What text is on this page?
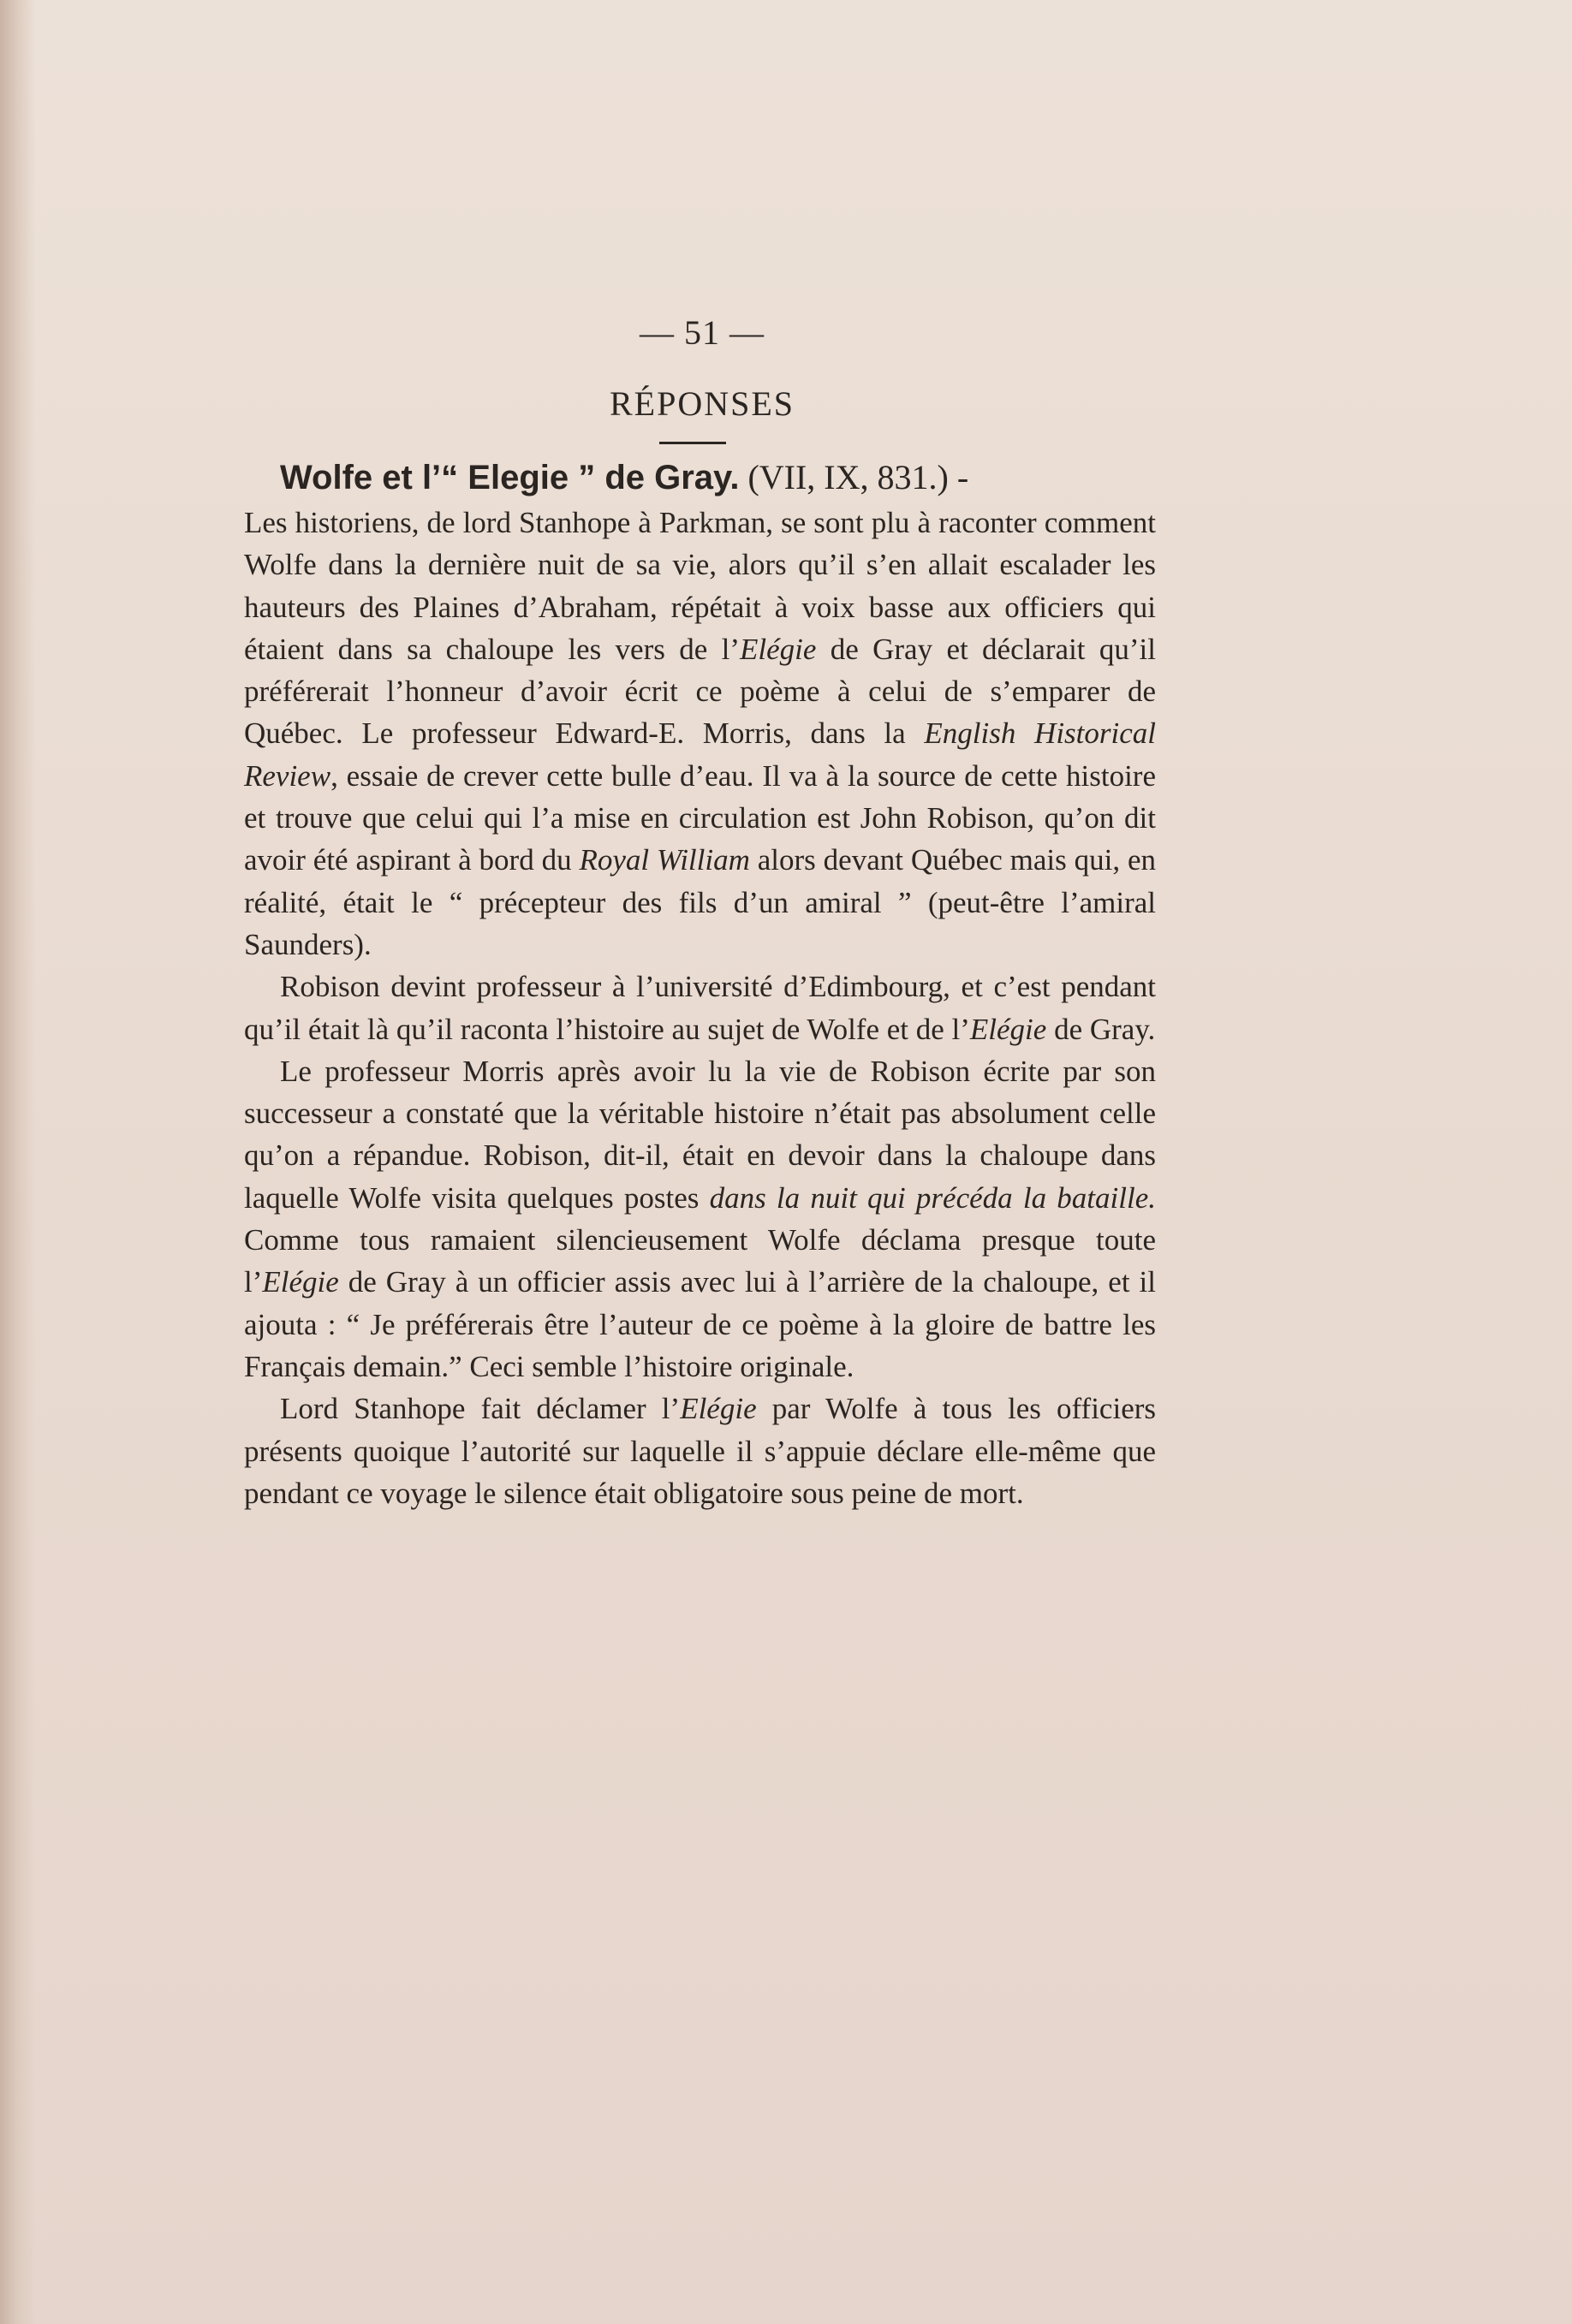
— 51 —
RÉPONSES

Wolfe et l’“ Elegie ” de Gray. (VII, IX, 831.) -
Les historiens, de lord Stanhope à Parkman, se sont plu à raconter comment Wolfe dans la dernière nuit de sa vie, alors qu’il s’en allait escalader les hauteurs des Plaines d’Abraham, répétait à voix basse aux officiers qui étaient dans sa chaloupe les vers de l’Elégie de Gray et déclarait qu’il préférerait l’honneur d’avoir écrit ce poème à celui de s’emparer de Québec. Le professeur Edward-E. Morris, dans la English Historical Review, essaie de crever cette bulle d’eau. Il va à la source de cette histoire et trouve que celui qui l’a mise en circulation est John Robison, qu’on dit avoir été aspirant à bord du Royal William alors devant Québec mais qui, en réalité, était le “ précepteur des fils d’un amiral ” (peut-être l’amiral Saunders).

Robison devint professeur à l’université d’Edimbourg, et c’est pendant qu’il était là qu’il raconta l’histoire au sujet de Wolfe et de l’Elégie de Gray.

Le professeur Morris après avoir lu la vie de Robison écrite par son successeur a constaté que la véritable histoire n’était pas absolument celle qu’on a répandue. Robison, dit-il, était en devoir dans la chaloupe dans laquelle Wolfe visita quelques postes dans la nuit qui précéda la bataille. Comme tous ramaient silencieusement Wolfe déclama presque toute l’Elégie de Gray à un officier assis avec lui à l’arrière de la chaloupe, et il ajouta : “ Je préférerais être l’auteur de ce poème à la gloire de battre les Français demain.” Ceci semble l’histoire originale.

Lord Stanhope fait déclamer l’Elégie par Wolfe à tous les officiers présents quoique l’autorité sur laquelle il s’appuie déclare elle-même que pendant ce voyage le silence était obligatoire sous peine de mort.
